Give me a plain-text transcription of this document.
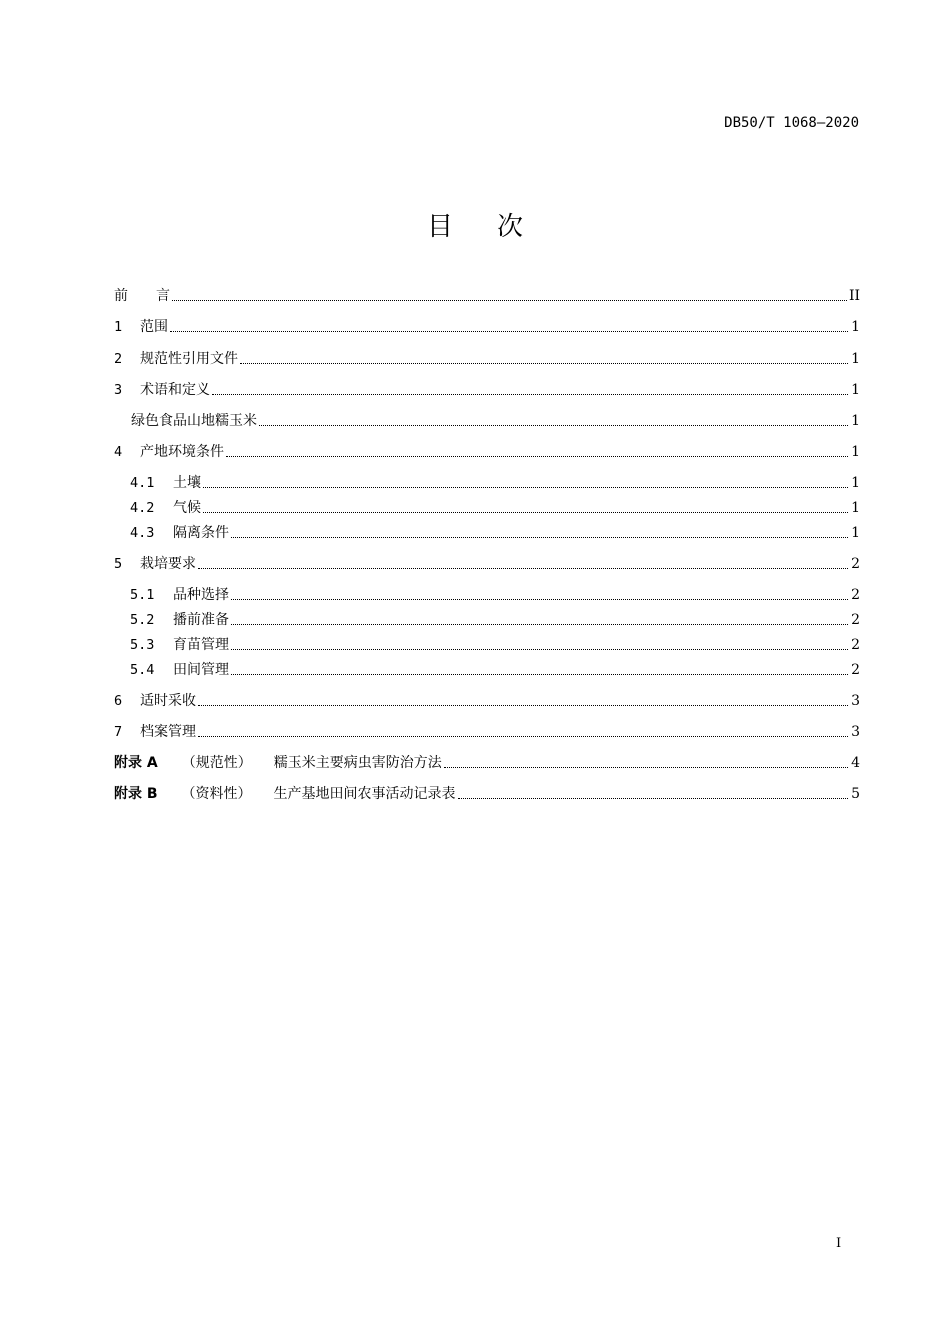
DB50/T 1068—2020
目次
前　　言	II
1	范围	1
2	规范性引用文件	1
3	术语和定义	1
绿色食品山地糯玉米	1
4	产地环境条件	1
4.1	土壤	1
4.2	气候	1
4.3	隔离条件	1
5	栽培要求	2
5.1	品种选择	2
5.2	播前准备	2
5.3	育苗管理	2
5.4	田间管理	2
6	适时采收	3
7	档案管理	3
附录 A （规范性） 糯玉米主要病虫害防治方法	4
附录 B （资料性） 生产基地田间农事活动记录表	5
I
